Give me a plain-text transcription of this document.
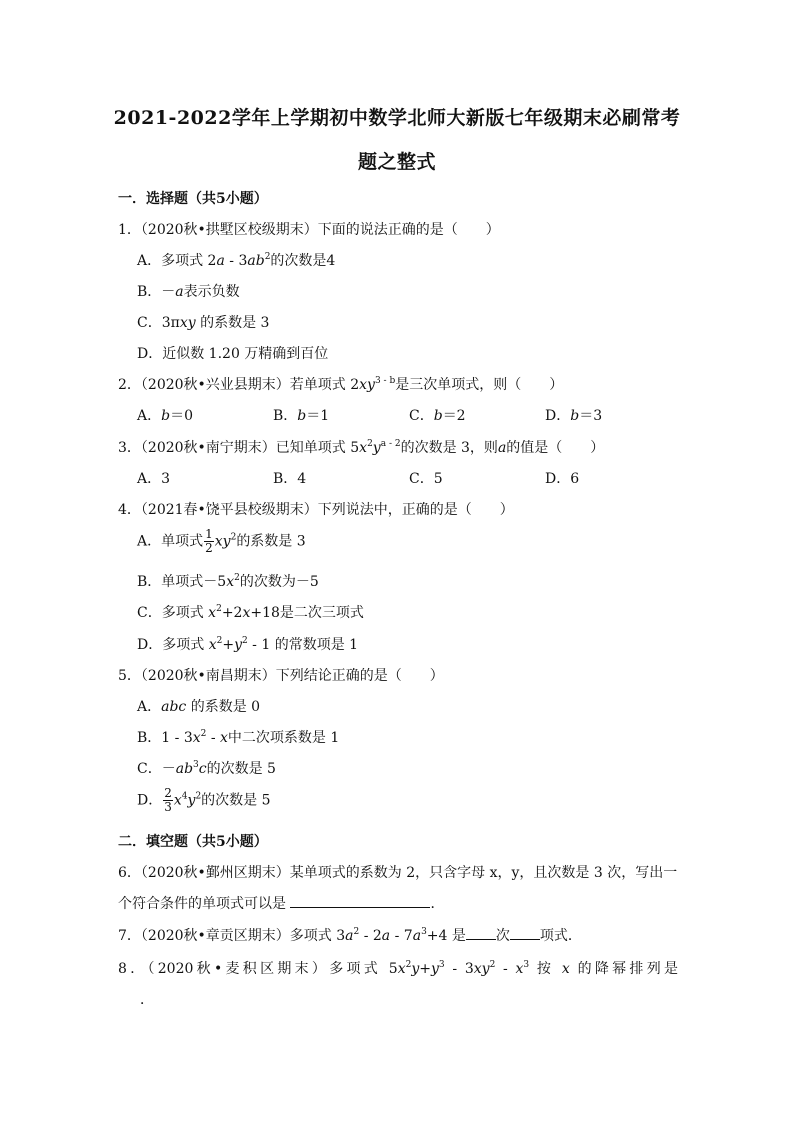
2021-2022学年上学期初中数学北师大新版七年级期末必刷常考
题之整式
一．选择题（共5小题）
1．（2020秋•拱墅区校级期末）下面的说法正确的是（　　）
A．多项式 $2a - 3ab^2$的次数是4
B．－a表示负数
C．3πxy 的系数是 3
D．近似数 1.20 万精确到百位
2．（2020秋•兴业县期末）若单项式 $2xy^{3 - b}$是三次单项式，则（　　）
A．b＝0	B．b＝1	C．b＝2	D．b＝3
3．（2020秋•南宁期末）已知单项式 $5x^2y^{a - 2}$的次数是 3，则a的值是（　　）
A．3	B．4	C．5	D．6
4．（2021春•饶平县校级期末）下列说法中，正确的是（　　）
A．单项式 $\frac{1}{2} xy^2$的系数是 3
B．单项式$-5x^2$的次数为－5
C．多项式 $x^2+2x+18$是二次三项式
D．多项式 $x^2+y^2 - 1$ 的常数项是 1
5．（2020秋•南昌期末）下列结论正确的是（　　）
A．abc 的系数是 0
B．$1 - 3x^2$ - x中二次项系数是 1
C．$-ab^3c$的次数是 5
D． $\frac{2}{3} x^4y^2$的次数是 5
二．填空题（共5小题）
6．（2020秋•鄞州区期末）某单项式的系数为 2，只含字母 x，y，且次数是 3 次，写出一
个符合条件的单项式可以是	．
7．（2020秋•章贡区期末）多项式 $3a^2 - 2a - 7a^3+4$ 是 次 项式．
8．（2020秋•麦积区期末）多项式 $5x^2y+y^3 - 3xy^2 - x^3$ 按 x 的降幂排列是
．
